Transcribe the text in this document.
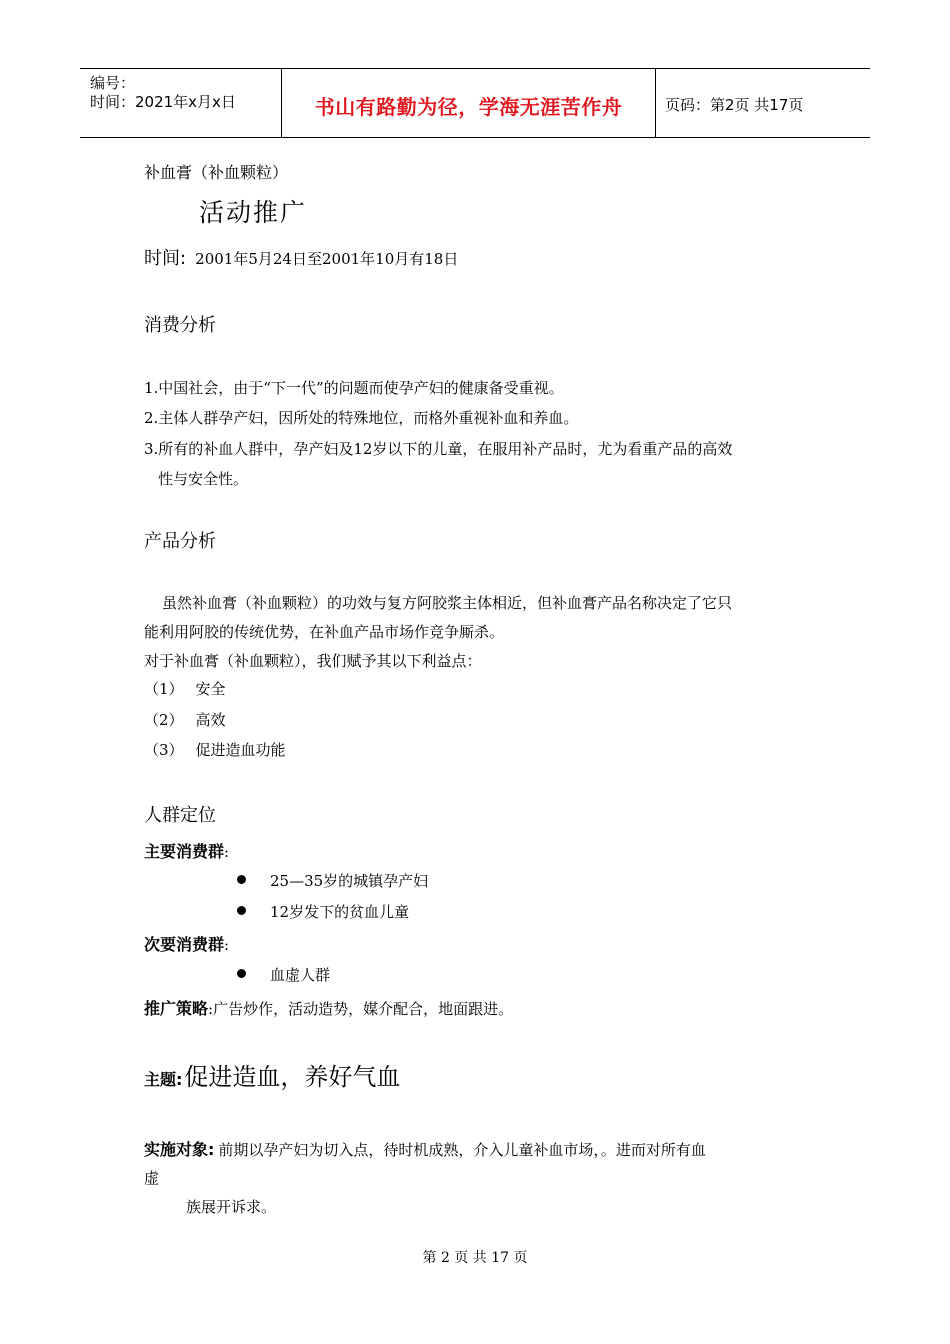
编号：
时间：2021年x月x日	书山有路勤为径，学海无涯苦作舟	页码：第2页 共17页
补血膏（补血颗粒）
活动推广
时间: 2001年5月24日至2001年10月有18日
消费分析
1.中国社会，由于“下一代”的问题而使孕产妇的健康备受重视。
2.主体人群孕产妇，因所处的特殊地位，而格外重视补血和养血。
3.所有的补血人群中，孕产妇及12岁以下的儿童，在服用补产品时，尤为看重产品的高效
性与安全性。
产品分析
虽然补血膏（补血颗粒）的功效与复方阿胶浆主体相近，但补血膏产品名称决定了它只
能利用阿胶的传统优势，在补血产品市场作竞争厮杀。
对于补血膏（补血颗粒），我们赋予其以下利益点：
（1） 安全
（2） 高效
（3） 促进造血功能
人群定位
主要消费群:
25—35岁的城镇孕产妇
12岁发下的贫血儿童
次要消费群:
血虚人群
推广策略:广告炒作，活动造势，媒介配合，地面跟进。
主题:促进造血，养好气血
实施对象: 前期以孕产妇为切入点，待时机成熟，介入儿童补血市场，。进而对所有血
虚
族展开诉求。
第 2 页 共 17 页
